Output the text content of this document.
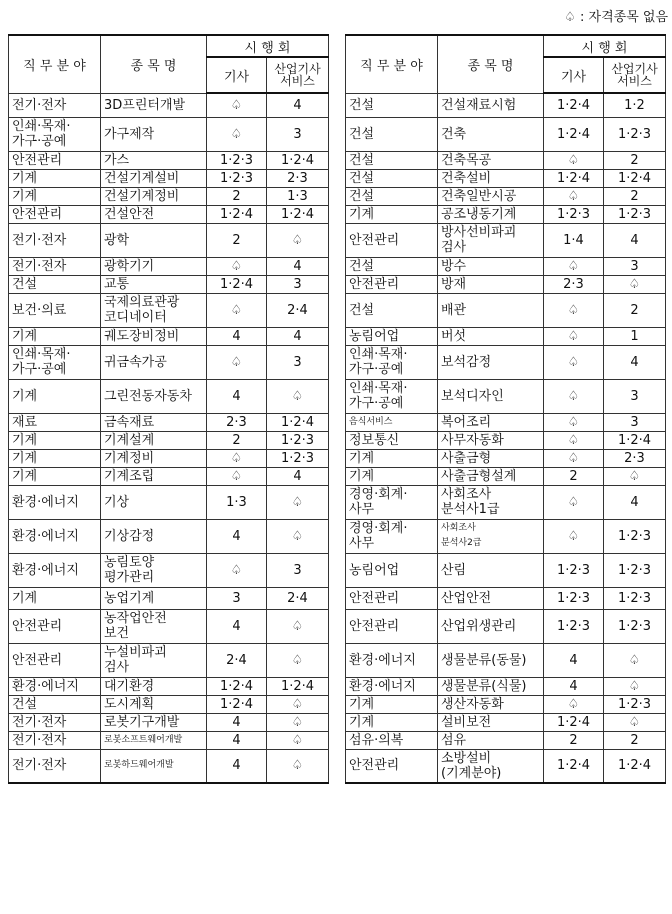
♤ : 자격종목 없음
직 무 분 야	종 목 명	시 행 회	
		기사	산업기사
서비스
전기·전자	3D프린터개발	♤	4
인쇄·목재·
가구·공예	가구제작	♤	3
안전관리	가스	1·2·3	1·2·4
기계	건설기계설비	1·2·3	2·3
기계	건설기계정비	2	1·3
안전관리	건설안전	1·2·4	1·2·4
전기·전자	광학	2	♤
전기·전자	광학기기	♤	4
건설	교통	1·2·4	3
보건·의료	국제의료관광
코디네이터	♤	2·4
기계	궤도장비정비	4	4
인쇄·목재·
가구·공예	귀금속가공	♤	3
기계	그린전동자동차	4	♤
재료	금속재료	2·3	1·2·4
기계	기계설계	2	1·2·3
기계	기계정비	♤	1·2·3
기계	기계조립	♤	4
환경·에너지	기상	1·3	♤
환경·에너지	기상감정	4	♤
환경·에너지	농림토양
평가관리	♤	3
기계	농업기계	3	2·4
안전관리	농작업안전
보건	4	♤
안전관리	누설비파괴
검사	2·4	♤
환경·에너지	대기환경	1·2·4	1·2·4
건설	도시계획	1·2·4	♤
전기·전자	로봇기구개발	4	♤
전기·전자	로봇소프트웨어개발	4	♤
전기·전자	로봇하드웨어개발	4	♤
직 무 분 야	종 목 명	시 행 회	
		기사	산업기사
서비스
건설	건설재료시험	1·2·4	1·2
건설	건축	1·2·4	1·2·3
건설	건축목공	♤	2
건설	건축설비	1·2·4	1·2·4
건설	건축일반시공	♤	2
기계	공조냉동기계	1·2·3	1·2·3
안전관리	방사선비파괴
검사	1·4	4
건설	방수	♤	3
안전관리	방재	2·3	♤
건설	배관	♤	2
농림어업	버섯	♤	1
인쇄·목재·
가구·공예	보석감정	♤	4
인쇄·목재·
가구·공예	보석디자인	♤	3
음식서비스	복어조리	♤	3
정보통신	사무자동화	♤	1·2·4
기계	사출금형	♤	2·3
기계	사출금형설계	2	♤
경영·회계·
사무	사회조사
분석사1급	♤	4
경영·회계·
사무	사회조사
분석사2급	♤	1·2·3
농림어업	산림	1·2·3	1·2·3
안전관리	산업안전	1·2·3	1·2·3
안전관리	산업위생관리	1·2·3	1·2·3
환경·에너지	생물분류(동물)	4	♤
환경·에너지	생물분류(식물)	4	♤
기계	생산자동화	♤	1·2·3
기계	설비보전	1·2·4	♤
섬유·의복	섬유	2	2
안전관리	소방설비
(기계분야)	1·2·4	1·2·4
